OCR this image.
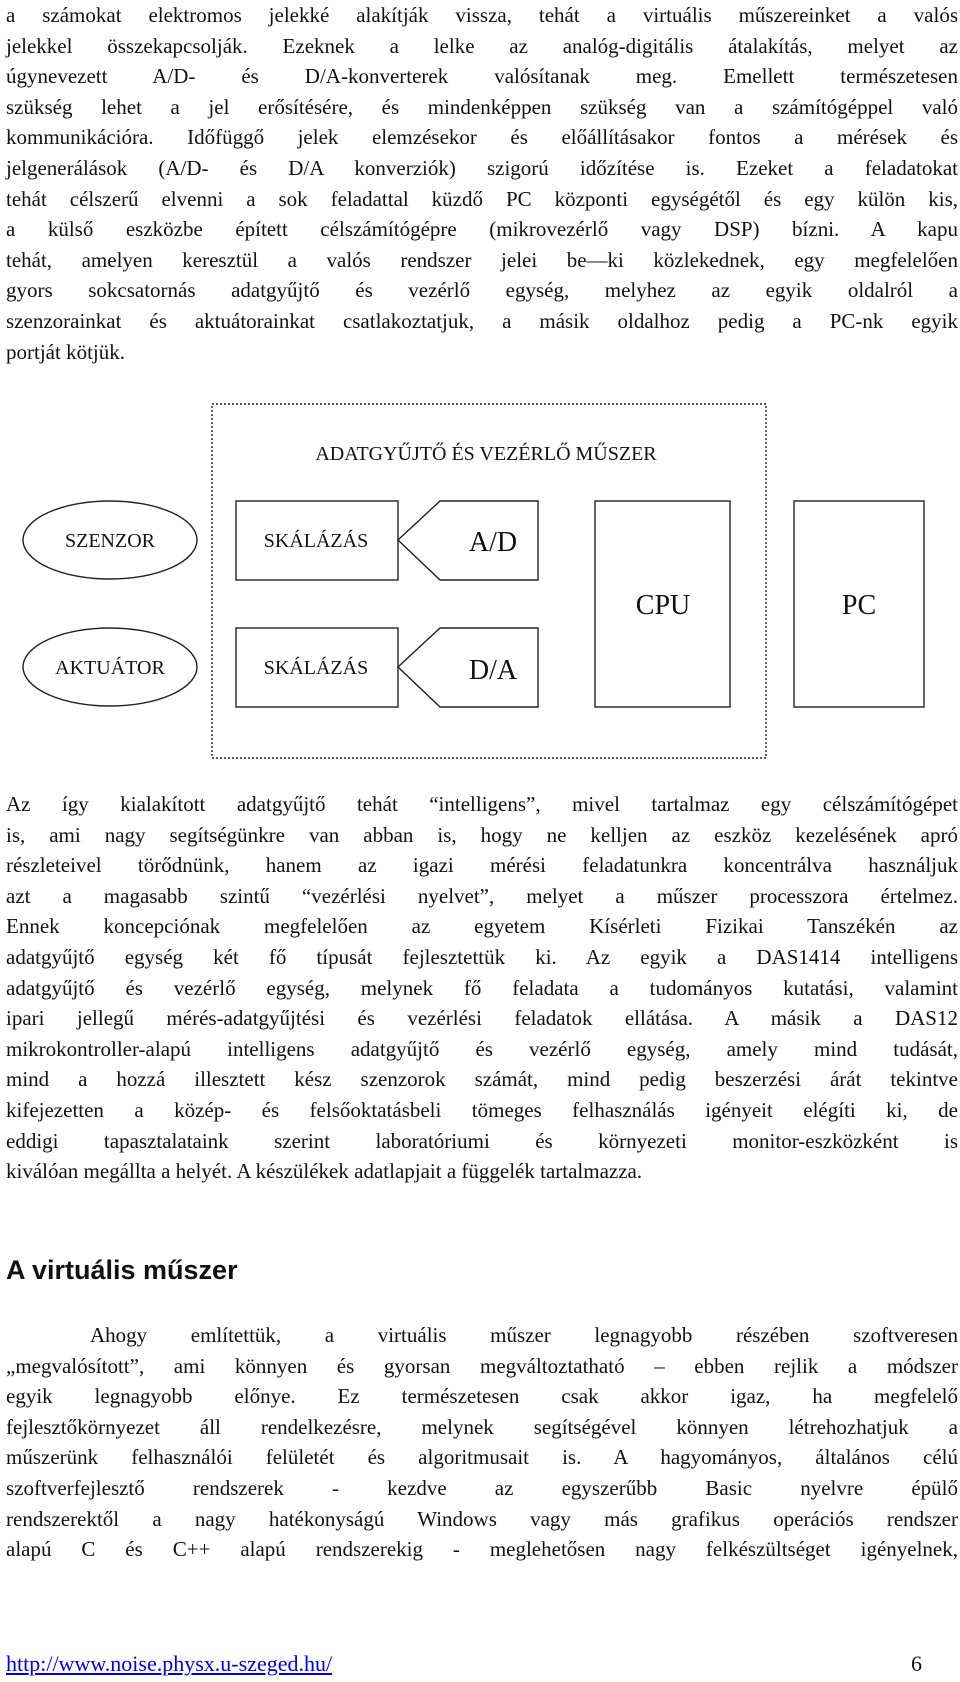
a számokat elektromos jelekké alakítják vissza, tehát a virtuális műszereinket a valós
jelekkel összekapcsolják. Ezeknek a lelke az analóg-digitális átalakítás, melyet az
úgynevezett A/D- és D/A-konverterek valósítanak meg. Emellett természetesen
szükség lehet a jel erősítésére, és mindenképpen szükség van a számítógéppel való
kommunikációra. Időfüggő jelek elemzésekor és előállításakor fontos a mérések és
jelgenerálások (A/D- és D/A konverziók) szigorú időzítése is. Ezeket a feladatokat
tehát célszerű elvenni a sok feladattal küzdő PC központi egységétől és egy külön kis,
a külső eszközbe épített célszámítógépre (mikrovezérlő vagy DSP) bízni. A kapu
tehát, amelyen keresztül a valós rendszer jelei be—ki közlekednek, egy megfelelően
gyors sokcsatornás adatgyűjtő és vezérlő egység, melyhez az egyik oldalról a
szenzorainkat és aktuátorainkat csatlakoztatjuk, a másik oldalhoz pedig a PC-nk egyik
portját kötjük.

ADATGYŰJTŐ ÉS VEZÉRLŐ MŰSZER
SZENZOR
AKTUÁTOR
SKÁLÁZÁS
SKÁLÁZÁS
A/D
D/A
CPU	PC

Az így kialakított adatgyűjtő tehát “intelligens”, mivel tartalmaz egy célszámítógépet
is, ami nagy segítségünkre van abban is, hogy ne kelljen az eszköz kezelésének apró
részleteivel törődnünk, hanem az igazi mérési feladatunkra koncentrálva használjuk
azt a magasabb szintű “vezérlési nyelvet”, melyet a műszer processzora értelmez.
Ennek koncepciónak megfelelően az egyetem Kísérleti Fizikai Tanszékén az
adatgyűjtő egység két fő típusát fejlesztettük ki. Az egyik a DAS1414 intelligens
adatgyűjtő és vezérlő egység, melynek fő feladata a tudományos kutatási, valamint
ipari jellegű mérés-adatgyűjtési és vezérlési feladatok ellátása. A másik a DAS12
mikrokontroller-alapú intelligens adatgyűjtő és vezérlő egység, amely mind tudását,
mind a hozzá illesztett kész szenzorok számát, mind pedig beszerzési árát tekintve
kifejezetten a közép- és felsőoktatásbeli tömeges felhasználás igényeit elégíti ki, de
eddigi tapasztalataink szerint laboratóriumi és környezeti monitor-eszközként is
kiválóan megállta a helyét. A készülékek adatlapjait a függelék tartalmazza.

A virtuális műszer

Ahogy említettük, a virtuális műszer legnagyobb részében szoftveresen
„megvalósított”, ami könnyen és gyorsan megváltoztatható – ebben rejlik a módszer
egyik legnagyobb előnye. Ez természetesen csak akkor igaz, ha megfelelő
fejlesztőkörnyezet áll rendelkezésre, melynek segítségével könnyen létrehozhatjuk a
műszerünk felhasználói felületét és algoritmusait is. A hagyományos, általános célú
szoftverfejlesztő rendszerek - kezdve az egyszerűbb Basic nyelvre épülő
rendszerektől a nagy hatékonyságú Windows vagy más grafikus operációs rendszer
alapú C és C++ alapú rendszerekig - meglehetősen nagy felkészültséget igényelnek,

http://www.noise.physx.u-szeged.hu/	6
